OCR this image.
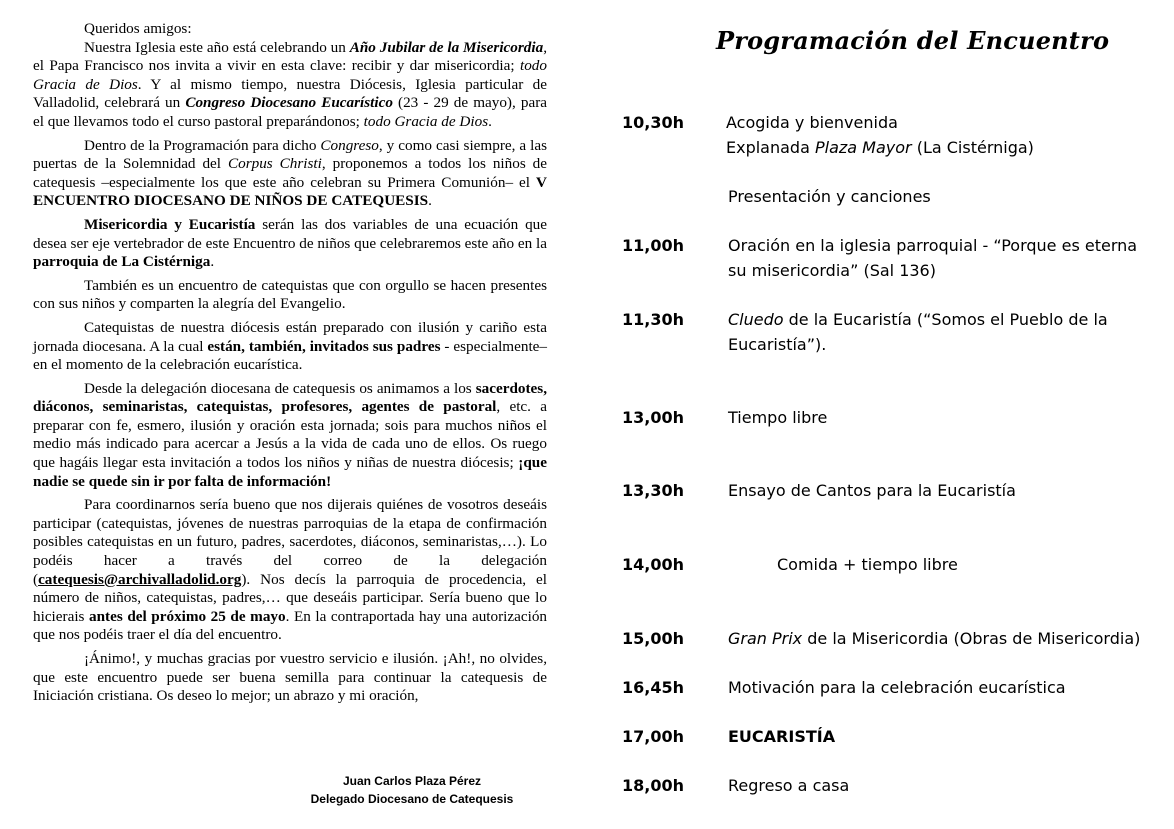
Queridos amigos:

Nuestra Iglesia este año está celebrando un Año Jubilar de la Misericordia, el Papa Francisco nos invita a vivir en esta clave: recibir y dar misericordia; todo Gracia de Dios. Y al mismo tiempo, nuestra Diócesis, Iglesia particular de Valladolid, celebrará un Congreso Diocesano Eucarístico (23 - 29 de mayo), para el que llevamos todo el curso pastoral preparándonos; todo Gracia de Dios.

Dentro de la Programación para dicho Congreso, y como casi siempre, a las puertas de la Solemnidad del Corpus Christi, proponemos a todos los niños de catequesis –especialmente los que este año celebran su Primera Comunión– el V ENCUENTRO DIOCESANO DE NIÑOS DE CATEQUESIS.

Misericordia y Eucaristía serán las dos variables de una ecuación que desea ser eje vertebrador de este Encuentro de niños que celebraremos este año en la parroquia de La Cistérniga.

También es un encuentro de catequistas que con orgullo se hacen presentes con sus niños y comparten la alegría del Evangelio.

Catequistas de nuestra diócesis están preparado con ilusión y cariño esta jornada diocesana. A la cual están, también, invitados sus padres - especialmente– en el momento de la celebración eucarística.

Desde la delegación diocesana de catequesis os animamos a los sacerdotes, diáconos, seminaristas, catequistas, profesores, agentes de pastoral, etc. a preparar con fe, esmero, ilusión y oración esta jornada; sois para muchos niños el medio más indicado para acercar a Jesús a la vida de cada uno de ellos. Os ruego que hagáis llegar esta invitación a todos los niños y niñas de nuestra diócesis; ¡que nadie se quede sin ir por falta de información!

Para coordinarnos sería bueno que nos dijerais quiénes de vosotros deseáis participar (catequistas, jóvenes de nuestras parroquias de la etapa de confirmación posibles catequistas en un futuro, padres, sacerdotes, diáconos, seminaristas,…). Lo podéis hacer a través del correo de la delegación (catequesis@archivalladolid.org). Nos decís la parroquia de procedencia, el número de niños, catequistas, padres,… que deseáis participar. Sería bueno que lo hicierais antes del próximo 25 de mayo. En la contraportada hay una autorización que nos podéis traer el día del encuentro.

¡Ánimo!, y muchas gracias por vuestro servicio e ilusión. ¡Ah!, no olvides, que este encuentro puede ser buena semilla para continuar la catequesis de Iniciación cristiana. Os deseo lo mejor; un abrazo y mi oración,

Juan Carlos Plaza Pérez
Delegado Diocesano de Catequesis
Programación del Encuentro
10,30h	Acogida y bienvenida
Explanada Plaza Mayor (La Cistérniga)
Presentación y canciones
11,00h	Oración en la iglesia parroquial - “Porque es eterna su misericordia” (Sal 136)
11,30h	Cluedo de la Eucaristía (“Somos el Pueblo de la Eucaristía”).
13,00h	Tiempo libre
13,30h	Ensayo de Cantos para la Eucaristía
14,00h	Comida + tiempo libre
15,00h	Gran Prix de la Misericordia (Obras de Misericordia)
16,45h	Motivación para la celebración eucarística
17,00h	EUCARISTÍA
18,00h	Regreso a casa
